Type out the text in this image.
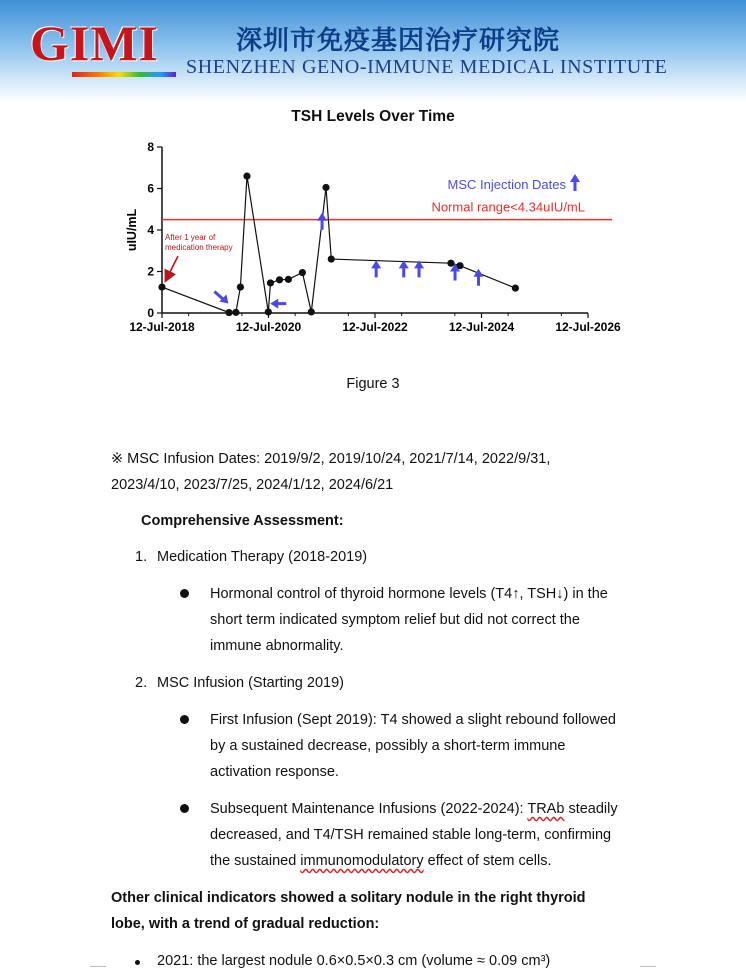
GIMI	深圳市免疫基因治疗研究院
SHENZHEN GENO-IMMUNE MEDICAL INSTITUTE
TSH Levels Over Time
0
2
4
6
8
12-Jul-2018	12-Jul-2020	12-Jul-2022	12-Jul-2024	12-Jul-2026
uIU/mL
Normal range<4.34uIU/mL
MSC Injection Dates
After 1 year of
medication therapy
Figure 3
※ MSC Infusion Dates: 2019/9/2, 2019/10/24, 2021/7/14, 2022/9/31,
2023/4/10, 2023/7/25, 2024/1/12, 2024/6/21
Comprehensive Assessment:
1. Medication Therapy (2018-2019)
Hormonal control of thyroid hormone levels (T4↑, TSH↓) in the
short term indicated symptom relief but did not correct the
immune abnormality.
2. MSC Infusion (Starting 2019)
First Infusion (Sept 2019): T4 showed a slight rebound followed
by a sustained decrease, possibly a short-term immune
activation response.
Subsequent Maintenance Infusions (2022-2024): TRAb steadily
decreased, and T4/TSH remained stable long-term, confirming
the sustained immunomodulatory effect of stem cells.
Other clinical indicators showed a solitary nodule in the right thyroid
lobe, with a trend of gradual reduction:
2021: the largest nodule 0.6×0.5×0.3 cm (volume ≈ 0.09 cm³)
